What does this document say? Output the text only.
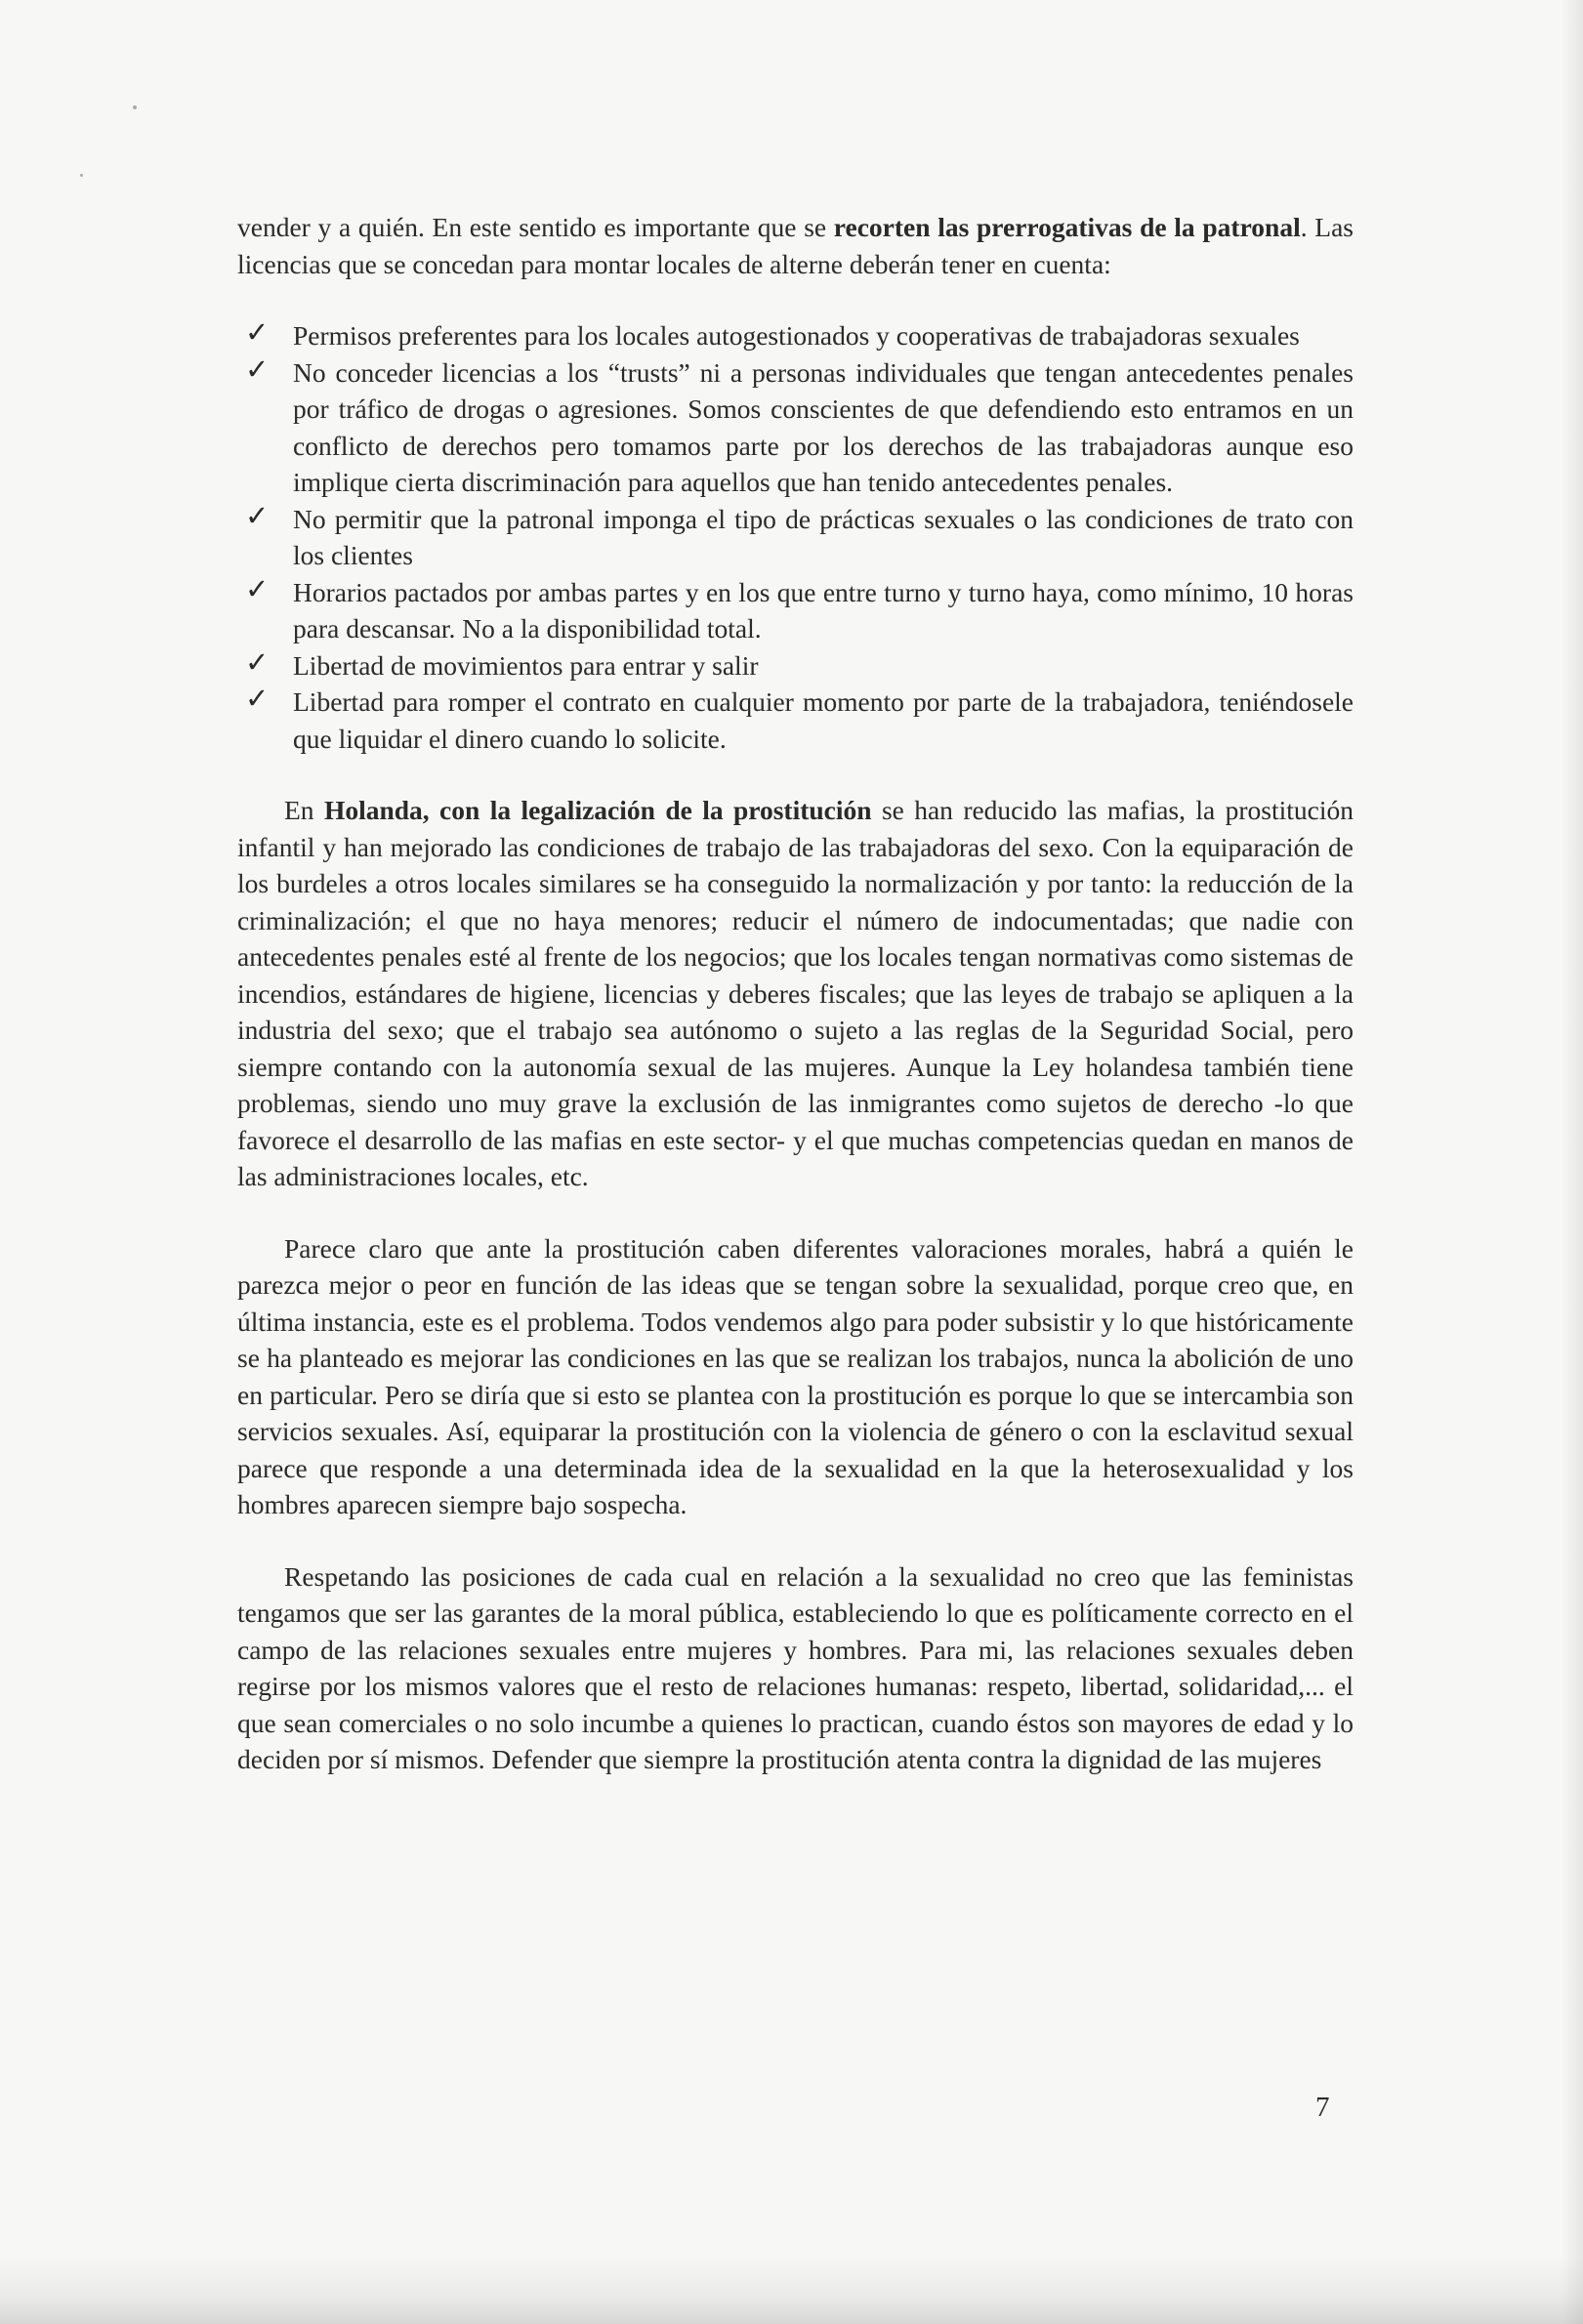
vender y a quién. En este sentido es importante que se recorten las prerrogativas de la patronal. Las licencias que se concedan para montar locales de alterne deberán tener en cuenta:

✓ Permisos preferentes para los locales autogestionados y cooperativas de trabajadoras sexuales
✓ No conceder licencias a los “trusts” ni a personas individuales que tengan antecedentes penales por tráfico de drogas o agresiones. Somos conscientes de que defendiendo esto entramos en un conflicto de derechos pero tomamos parte por los derechos de las trabajadoras aunque eso implique cierta discriminación para aquellos que han tenido antecedentes penales.
✓ No permitir que la patronal imponga el tipo de prácticas sexuales o las condiciones de trato con los clientes
✓ Horarios pactados por ambas partes y en los que entre turno y turno haya, como mínimo, 10 horas para descansar. No a la disponibilidad total.
✓ Libertad de movimientos para entrar y salir
✓ Libertad para romper el contrato en cualquier momento por parte de la trabajadora, teniéndosele que liquidar el dinero cuando lo solicite.

En Holanda, con la legalización de la prostitución se han reducido las mafias, la prostitución infantil y han mejorado las condiciones de trabajo de las trabajadoras del sexo. Con la equiparación de los burdeles a otros locales similares se ha conseguido la normalización y por tanto: la reducción de la criminalización; el que no haya menores; reducir el número de indocumentadas; que nadie con antecedentes penales esté al frente de los negocios; que los locales tengan normativas como sistemas de incendios, estándares de higiene, licencias y deberes fiscales; que las leyes de trabajo se apliquen a la industria del sexo; que el trabajo sea autónomo o sujeto a las reglas de la Seguridad Social, pero siempre contando con la autonomía sexual de las mujeres. Aunque la Ley holandesa también tiene problemas, siendo uno muy grave la exclusión de las inmigrantes como sujetos de derecho -lo que favorece el desarrollo de las mafias en este sector- y el que muchas competencias quedan en manos de las administraciones locales, etc.

Parece claro que ante la prostitución caben diferentes valoraciones morales, habrá a quién le parezca mejor o peor en función de las ideas que se tengan sobre la sexualidad, porque creo que, en última instancia, este es el problema. Todos vendemos algo para poder subsistir y lo que históricamente se ha planteado es mejorar las condiciones en las que se realizan los trabajos, nunca la abolición de uno en particular. Pero se diría que si esto se plantea con la prostitución es porque lo que se intercambia son servicios sexuales. Así, equiparar la prostitución con la violencia de género o con la esclavitud sexual parece que responde a una determinada idea de la sexualidad en la que la heterosexualidad y los hombres aparecen siempre bajo sospecha.

Respetando las posiciones de cada cual en relación a la sexualidad no creo que las feministas tengamos que ser las garantes de la moral pública, estableciendo lo que es políticamente correcto en el campo de las relaciones sexuales entre mujeres y hombres. Para mi, las relaciones sexuales deben regirse por los mismos valores que el resto de relaciones humanas: respeto, libertad, solidaridad,... el que sean comerciales o no solo incumbe a quienes lo practican, cuando éstos son mayores de edad y lo deciden por sí mismos. Defender que siempre la prostitución atenta contra la dignidad de las mujeres

7
